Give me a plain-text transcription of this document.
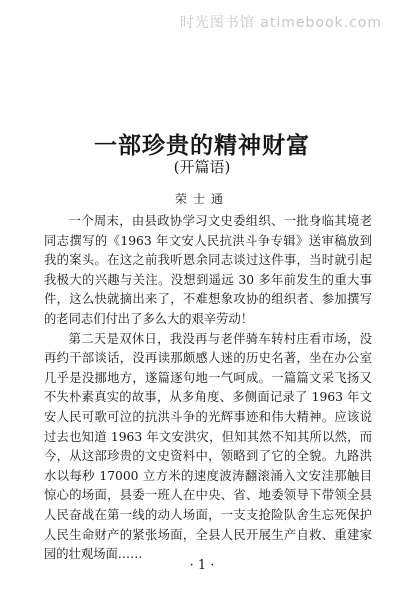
时光图书馆 atimebook.com
一部珍贵的精神财富
(开篇语)
荣士通

一个周末，由县政协学习文史委组织、一批身临其境老同志撰写的《1963 年文安人民抗洪斗争专辑》送审稿放到我的案头。在这之前我听恩余同志谈过这件事，当时就引起我极大的兴趣与关注。没想到遥远 30 多年前发生的重大事件，这么快就摘出来了，不难想象攻协的组织者、参加撰写的老同志们付出了多么大的艰辛劳动！

第二天是双休日，我没再与老伴骑车转村庄看市场，没再约干部谈话，没再读那颇感人迷的历史名著，坐在办公室几乎是没挪地方，遂篇逐句地一气呵成。一篇篇文采飞扬又不失朴素真实的故事，从多角度、多侧面记录了 1963 年文安人民可歌可泣的抗洪斗争的光辉事迹和伟大精神。应该说过去也知道 1963 年文安洪灾，但知其然不知其所以然，而今，从这部珍贵的文史资料中，领略到了它的全貌。九路洪水以每秒 17000 立方米的速度波涛翻滚涌入文安洼那触目惊心的场面，县委一班人在中央、省、地委领导下带领全县人民奋战在第一线的动人场面，一支支抢险队舍生忘死保护人民生命财产的紧张场面，全县人民开展生产自救、重建家园的壮观场面……

· 1 ·
